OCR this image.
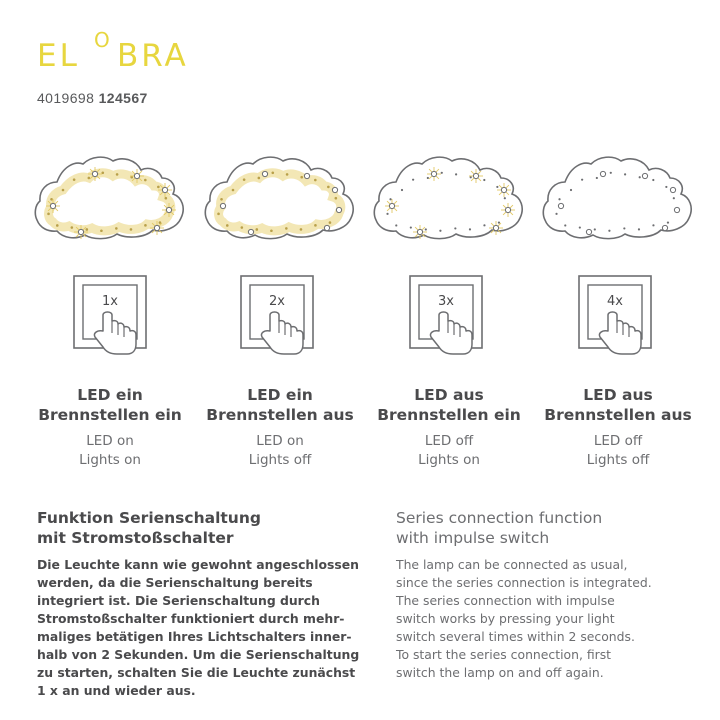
EL O BRA
4019698 124567
1x	2x	3x	4x
LED ein
Brennstellen ein
LED on
Lights on
LED ein
Brennstellen aus
LED on
Lights off
LED aus
Brennstellen ein
LED off
Lights on
LED aus
Brennstellen aus
LED off
Lights off
Funktion Serienschaltung
mit Stromstoßschalter
Die Leuchte kann wie gewohnt angeschlossen
werden, da die Serienschaltung bereits
integriert ist. Die Serienschaltung durch
Stromstoßschalter funktioniert durch mehr-
maliges betätigen Ihres Lichtschalters inner-
halb von 2 Sekunden. Um die Serienschaltung
zu starten, schalten Sie die Leuchte zunächst
1 x an und wieder aus.
Series connection function
with impulse switch
The lamp can be connected as usual,
since the series connection is integrated.
The series connection with impulse
switch works by pressing your light
switch several times within 2 seconds.
To start the series connection, first
switch the lamp on and off again.
